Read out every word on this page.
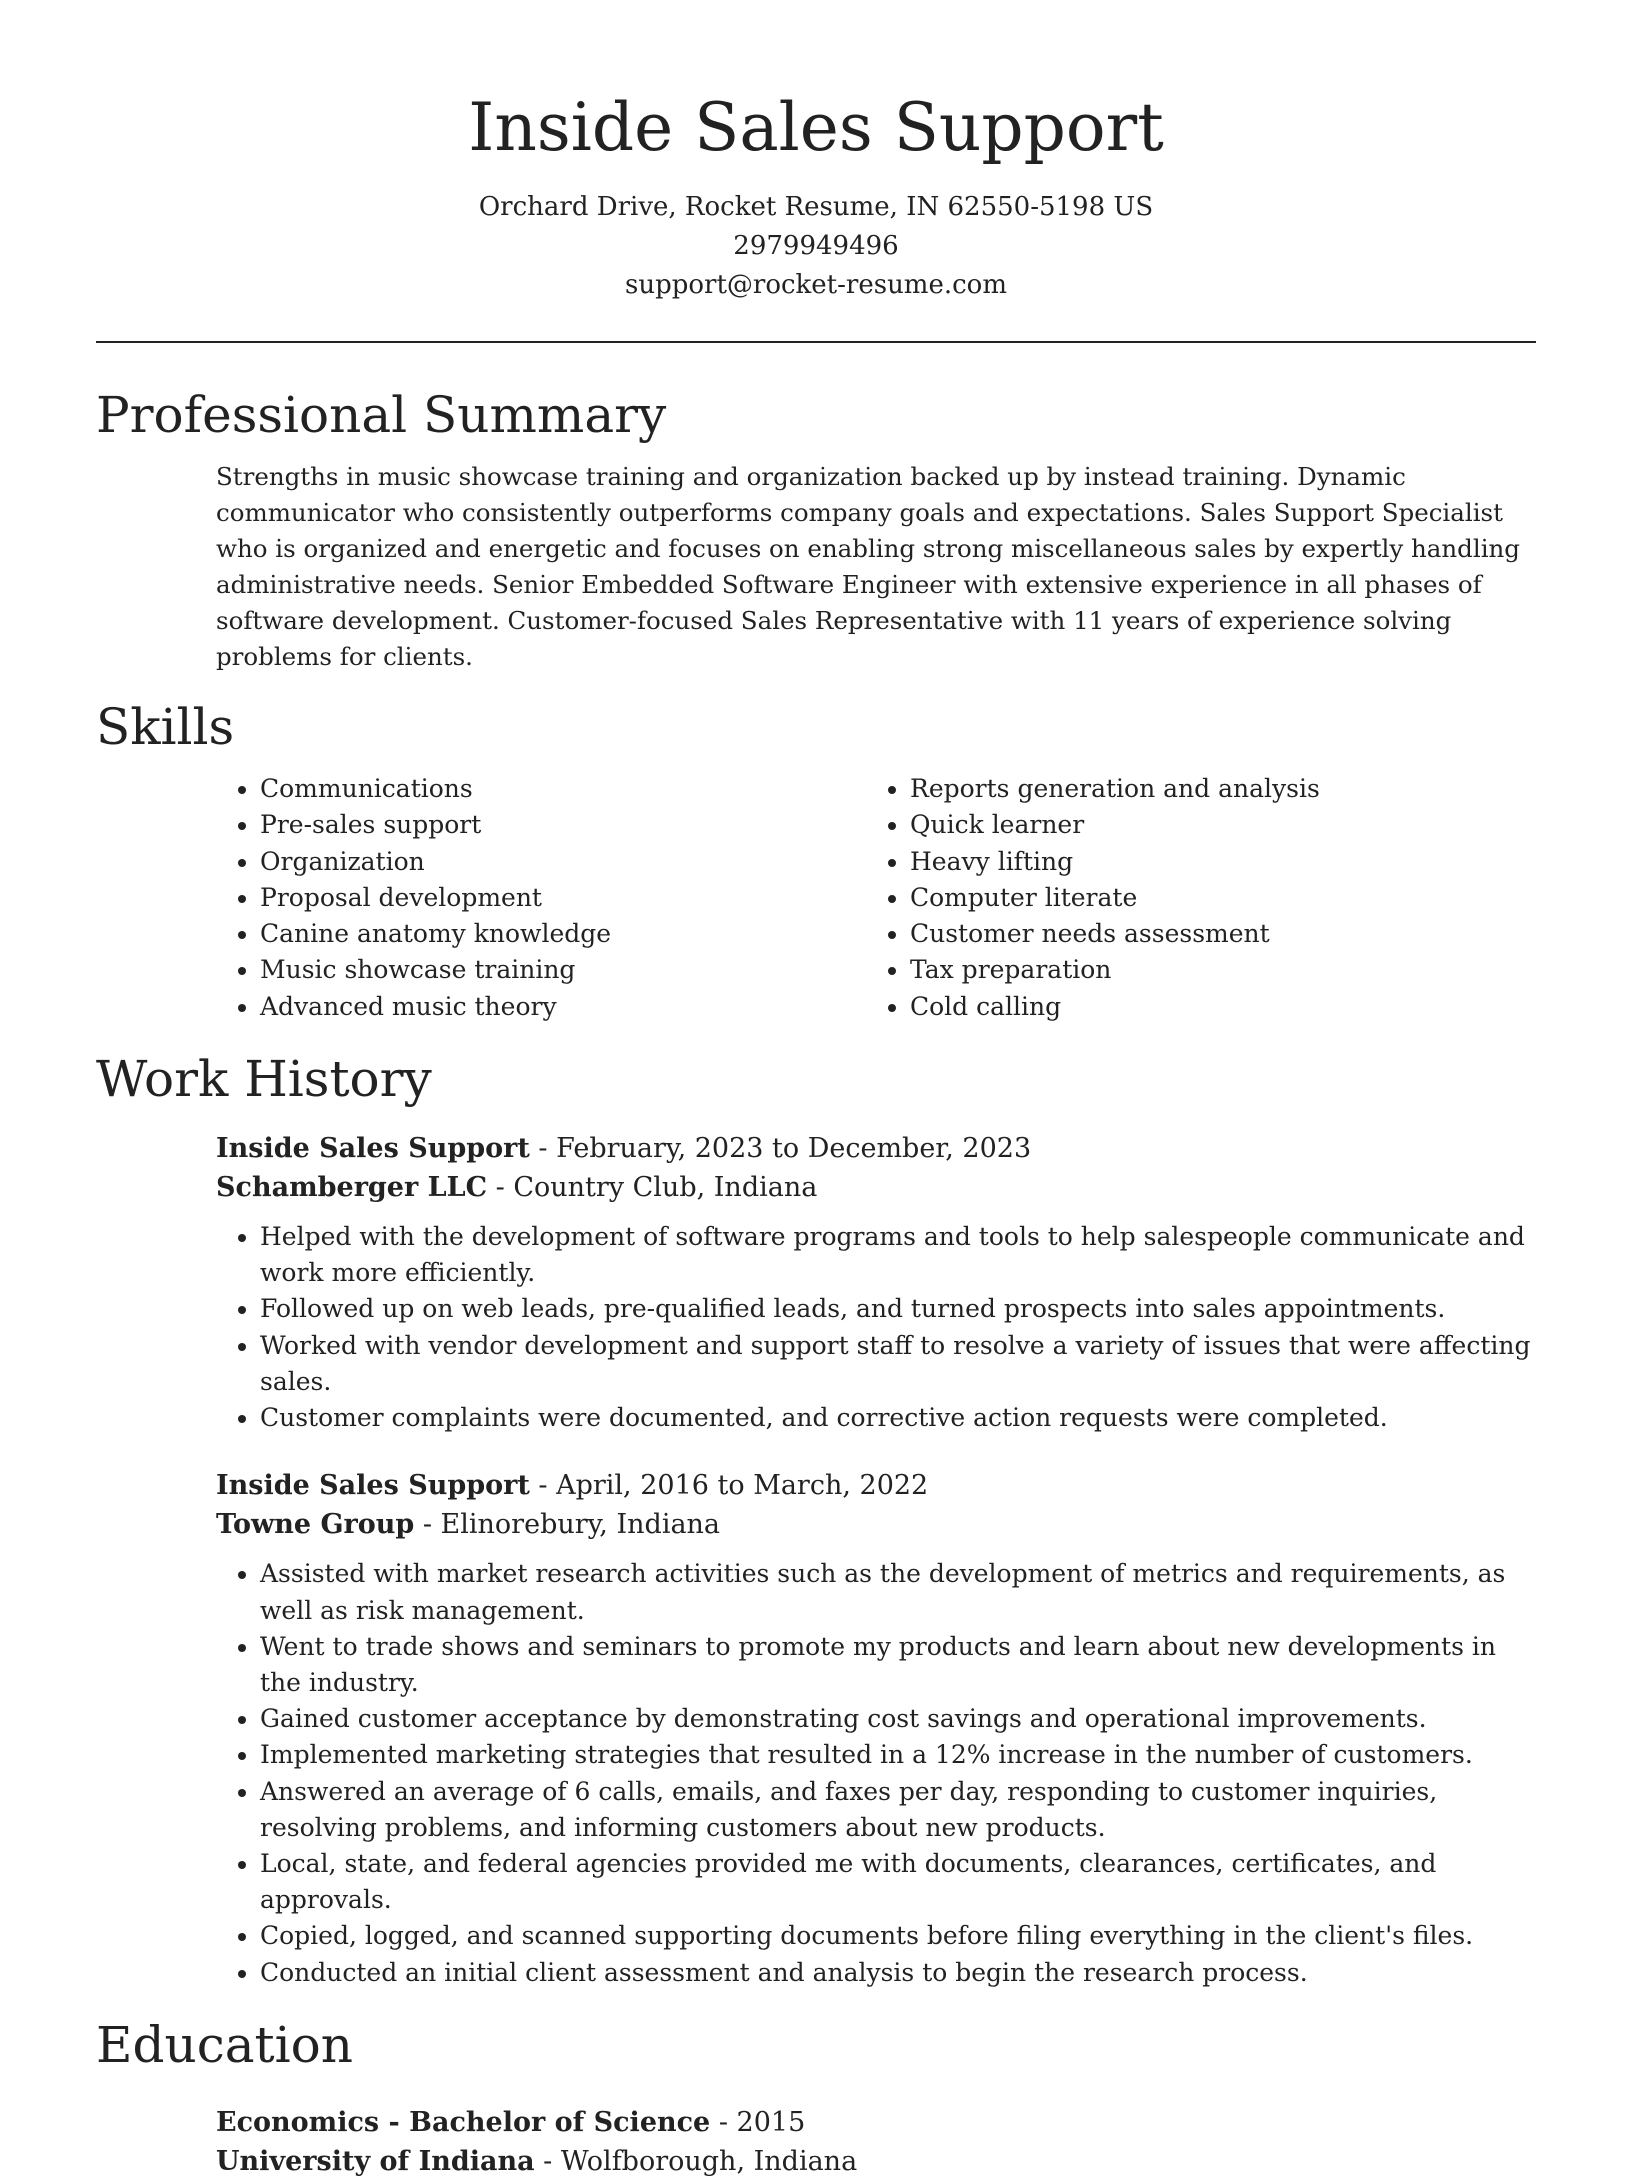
Inside Sales Support
Orchard Drive, Rocket Resume, IN 62550-5198 US
2979949496
support@rocket-resume.com
Professional Summary

Strengths in music showcase training and organization backed up by instead training. Dynamic communicator who consistently outperforms company goals and expectations. Sales Support Specialist who is organized and energetic and focuses on enabling strong miscellaneous sales by expertly handling administrative needs. Senior Embedded Software Engineer with extensive experience in all phases of software development. Customer-focused Sales Representative with 11 years of experience solving problems for clients.

Skills
• Communications
• Pre-sales support
• Organization
• Proposal development
• Canine anatomy knowledge
• Music showcase training
• Advanced music theory
• Reports generation and analysis
• Quick learner
• Heavy lifting
• Computer literate
• Customer needs assessment
• Tax preparation
• Cold calling
Work History
Inside Sales Support - February, 2023 to December, 2023
Schamberger LLC - Country Club, Indiana
• Helped with the development of software programs and tools to help salespeople communicate and work more efficiently.
• Followed up on web leads, pre-qualified leads, and turned prospects into sales appointments.
• Worked with vendor development and support staff to resolve a variety of issues that were affecting sales.
• Customer complaints were documented, and corrective action requests were completed.
Inside Sales Support - April, 2016 to March, 2022
Towne Group - Elinorebury, Indiana
• Assisted with market research activities such as the development of metrics and requirements, as well as risk management.
• Went to trade shows and seminars to promote my products and learn about new developments in the industry.
• Gained customer acceptance by demonstrating cost savings and operational improvements.
• Implemented marketing strategies that resulted in a 12% increase in the number of customers.
• Answered an average of 6 calls, emails, and faxes per day, responding to customer inquiries, resolving problems, and informing customers about new products.
• Local, state, and federal agencies provided me with documents, clearances, certificates, and approvals.
• Copied, logged, and scanned supporting documents before filing everything in the client's files.
• Conducted an initial client assessment and analysis to begin the research process.
Education
Economics - Bachelor of Science - 2015
University of Indiana - Wolfborough, Indiana
